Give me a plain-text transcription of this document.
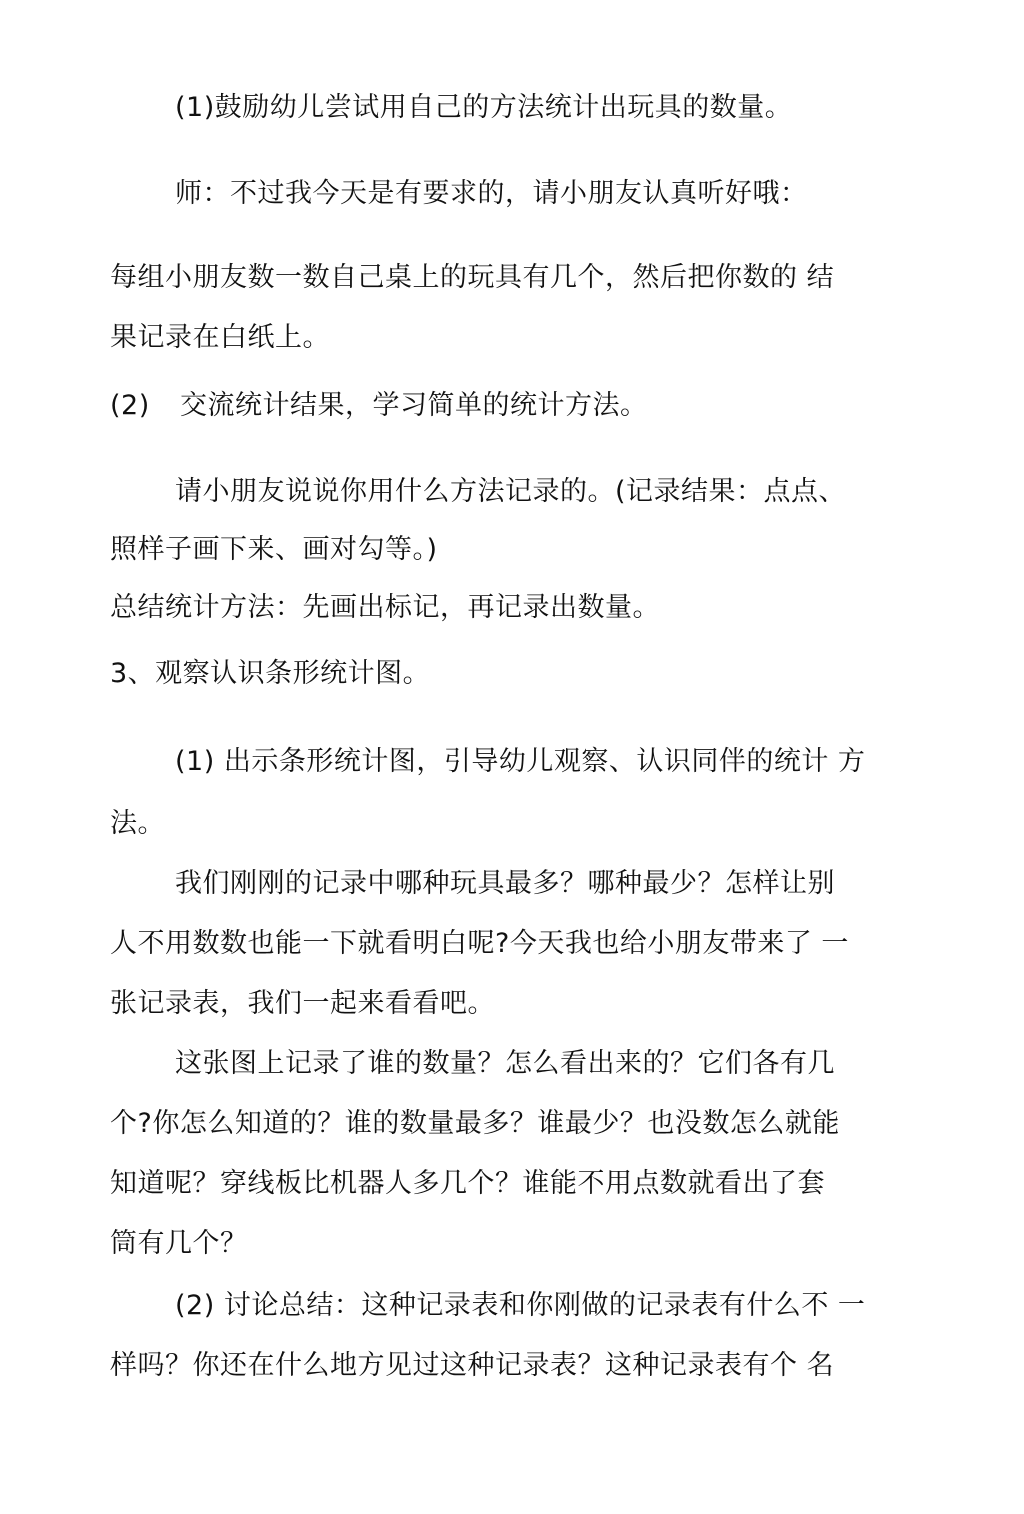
(1)鼓励幼儿尝试用自己的方法统计出玩具的数量。
师：不过我今天是有要求的，请小朋友认真听好哦：
每组小朋友数一数自己桌上的玩具有几个，然后把你数的 结
果记录在白纸上。
(2) 交流统计结果，学习简单的统计方法。
请小朋友说说你用什么方法记录的。(记录结果：点点、
照样子画下来、画对勾等。)
总结统计方法：先画出标记，再记录出数量。
3、观察认识条形统计图。
(1) 出示条形统计图，引导幼儿观察、认识同伴的统计 方
法。
我们刚刚的记录中哪种玩具最多？哪种最少？怎样让别
人不用数数也能一下就看明白呢?今天我也给小朋友带来了 一
张记录表，我们一起来看看吧。
这张图上记录了谁的数量？怎么看出来的？它们各有几
个?你怎么知道的？谁的数量最多？谁最少？也没数怎么就能
知道呢？穿线板比机器人多几个？谁能不用点数就看出了套
筒有几个？
(2) 讨论总结：这种记录表和你刚做的记录表有什么不 一
样吗？你还在什么地方见过这种记录表？这种记录表有个 名
